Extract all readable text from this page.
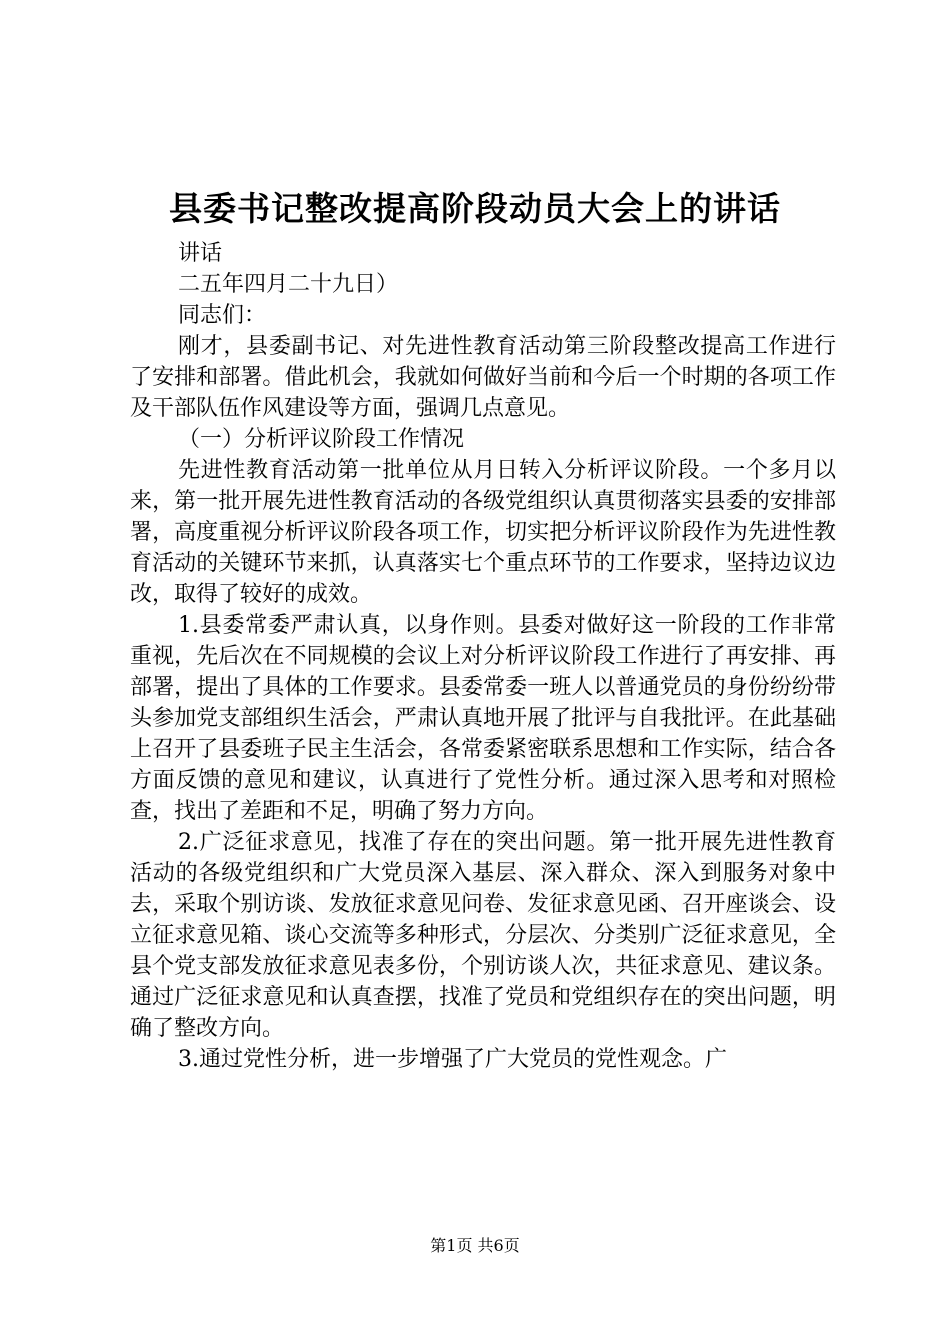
县委书记整改提高阶段动员大会上的讲话

讲话

二五年四月二十九日）

同志们：

刚才，县委副书记、对先进性教育活动第三阶段整改提高工作进行了安排和部署。借此机会，我就如何做好当前和今后一个时期的各项工作及干部队伍作风建设等方面，强调几点意见。

（一）分析评议阶段工作情况

先进性教育活动第一批单位从月日转入分析评议阶段。一个多月以来，第一批开展先进性教育活动的各级党组织认真贯彻落实县委的安排部署，高度重视分析评议阶段各项工作，切实把分析评议阶段作为先进性教育活动的关键环节来抓，认真落实七个重点环节的工作要求，坚持边议边改，取得了较好的成效。

1.县委常委严肃认真，以身作则。县委对做好这一阶段的工作非常重视，先后次在不同规模的会议上对分析评议阶段工作进行了再安排、再部署，提出了具体的工作要求。县委常委一班人以普通党员的身份纷纷带头参加党支部组织生活会，严肃认真地开展了批评与自我批评。在此基础上召开了县委班子民主生活会，各常委紧密联系思想和工作实际，结合各方面反馈的意见和建议，认真进行了党性分析。通过深入思考和对照检查，找出了差距和不足，明确了努力方向。

2.广泛征求意见，找准了存在的突出问题。第一批开展先进性教育活动的各级党组织和广大党员深入基层、深入群众、深入到服务对象中去，采取个别访谈、发放征求意见问卷、发征求意见函、召开座谈会、设立征求意见箱、谈心交流等多种形式，分层次、分类别广泛征求意见，全县个党支部发放征求意见表多份，个别访谈人次，共征求意见、建议条。通过广泛征求意见和认真查摆，找准了党员和党组织存在的突出问题，明确了整改方向。

3.通过党性分析，进一步增强了广大党员的党性观念。广

第1页 共6页
